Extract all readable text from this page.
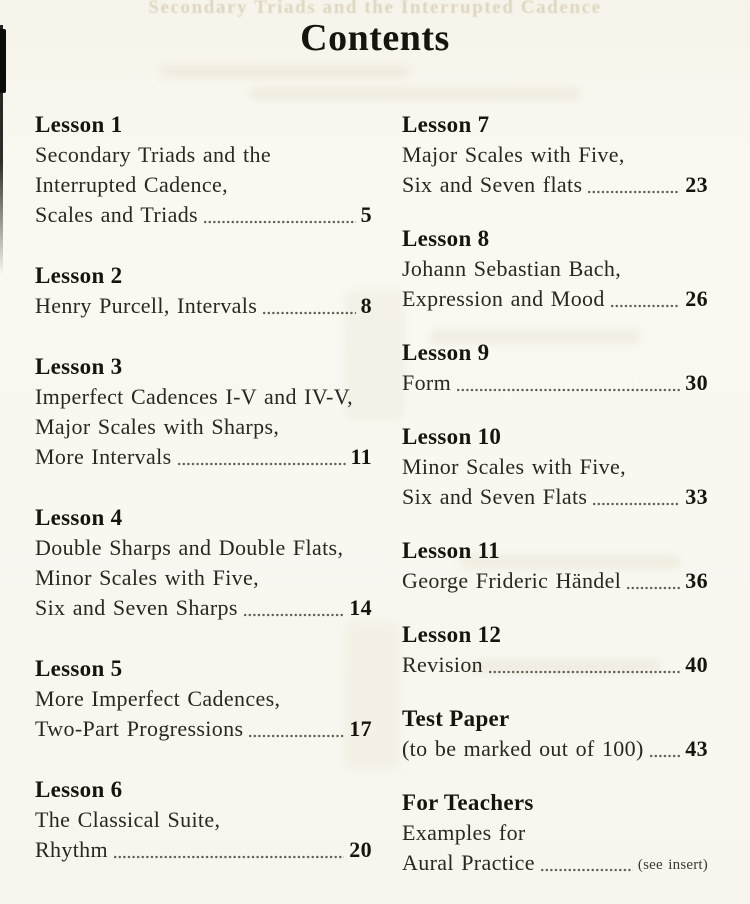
Secondary Triads and the Interrupted Cadence
Contents
Lesson 1
Secondary Triads and the
Interrupted Cadence,
Scales and Triads	5
Lesson 2
Henry Purcell, Intervals	8
Lesson 3
Imperfect Cadences I-V and IV-V,
Major Scales with Sharps,
More Intervals	11
Lesson 4
Double Sharps and Double Flats,
Minor Scales with Five,
Six and Seven Sharps	14
Lesson 5
More Imperfect Cadences,
Two-Part Progressions	17
Lesson 6
The Classical Suite,
Rhythm	20
Lesson 7
Major Scales with Five,
Six and Seven flats	23
Lesson 8
Johann Sebastian Bach,
Expression and Mood	26
Lesson 9
Form	30
Lesson 10
Minor Scales with Five,
Six and Seven Flats	33
Lesson 11
George Frideric Händel	36
Lesson 12
Revision	40
Test Paper
(to be marked out of 100) 43
For Teachers
Examples for
Aural Practice	(see insert)
